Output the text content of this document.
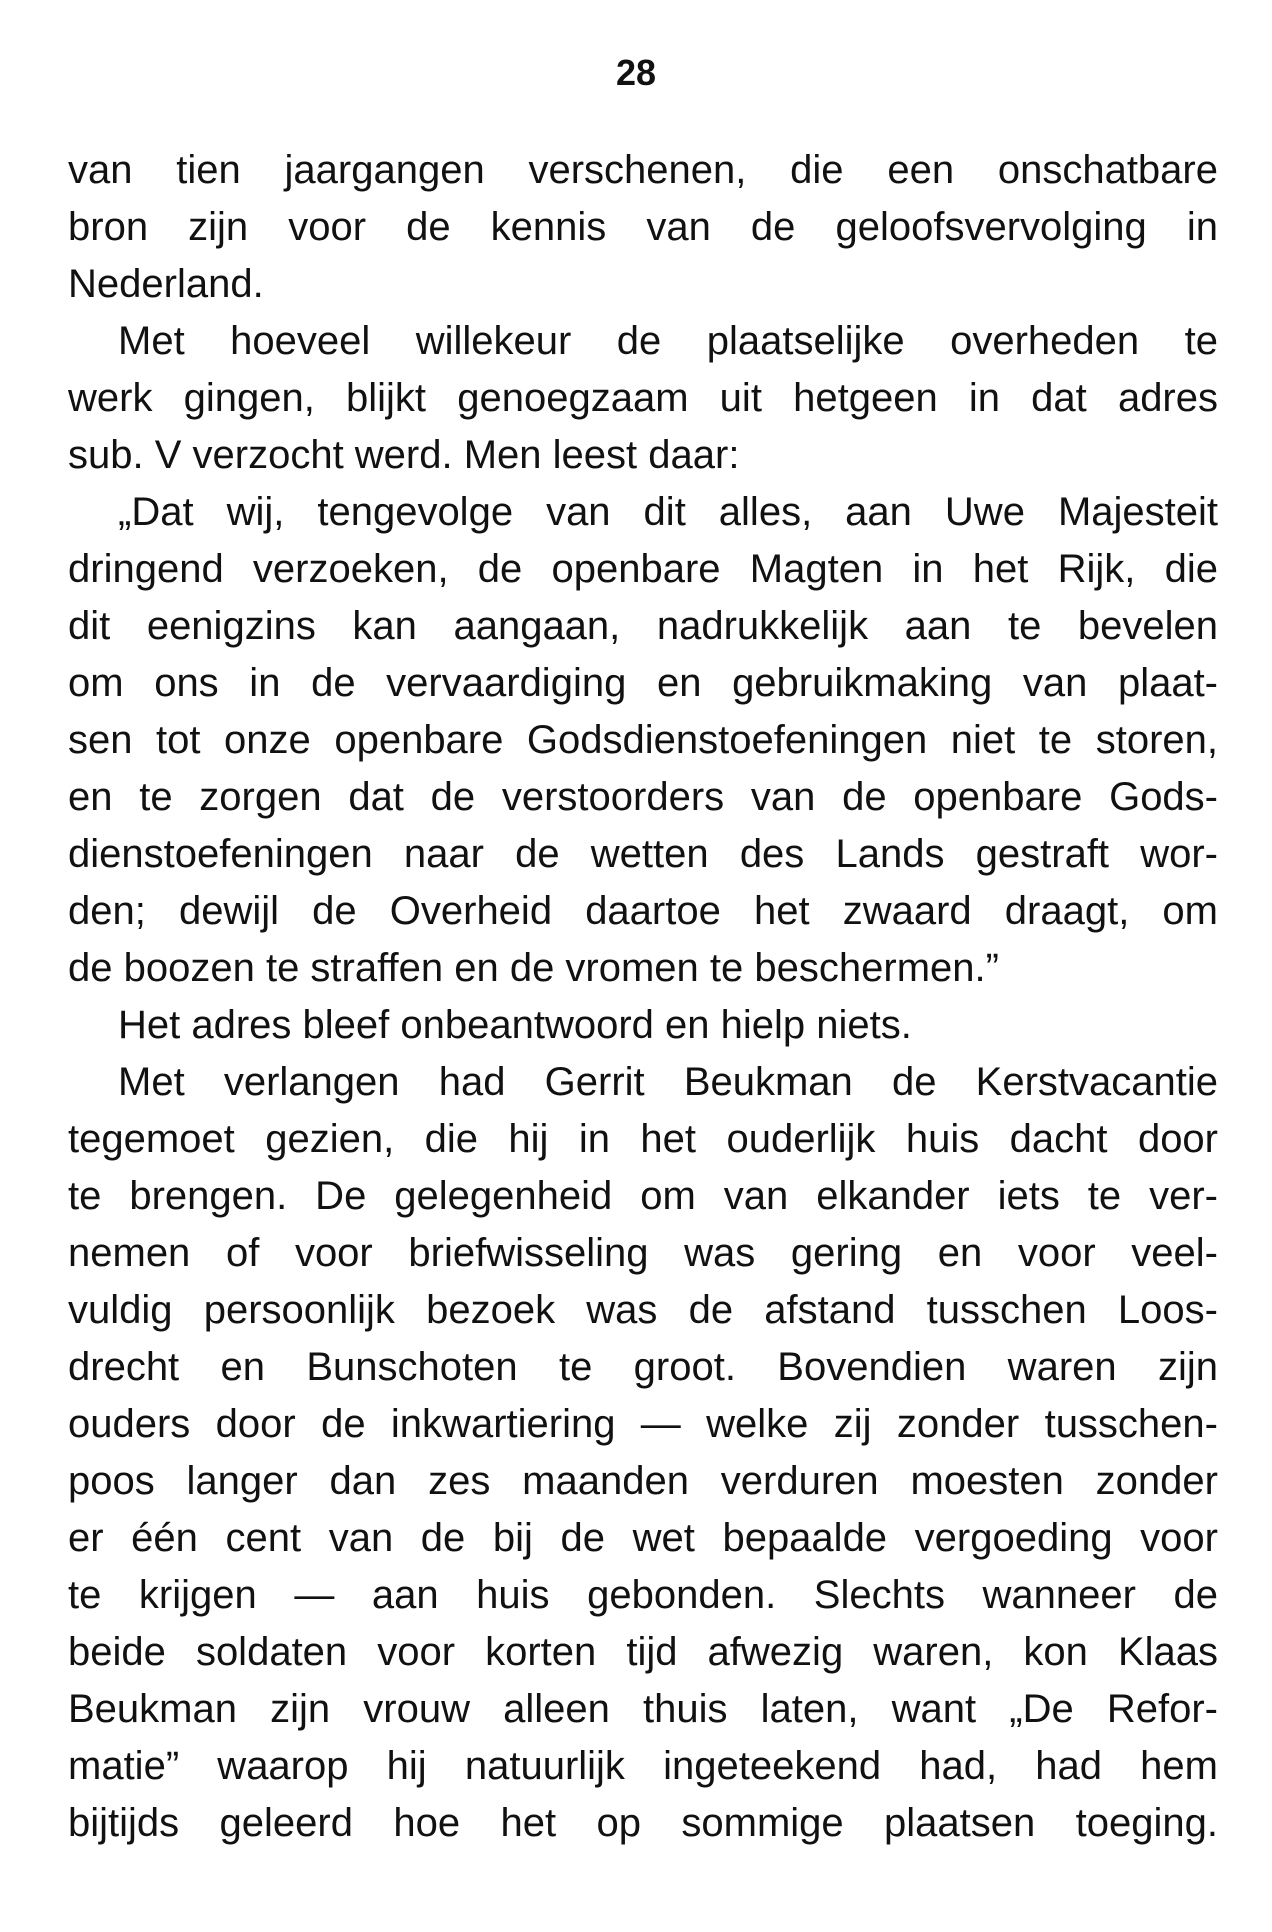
28
van tien jaargangen verschenen, die een onschatbare
bron zijn voor de kennis van de geloofsvervolging in
Nederland.
Met hoeveel willekeur de plaatselijke overheden te
werk gingen, blijkt genoegzaam uit hetgeen in dat adres
sub. V verzocht werd. Men leest daar:
„Dat wij, tengevolge van dit alles, aan Uwe Majesteit
dringend verzoeken, de openbare Magten in het Rijk, die
dit eenigzins kan aangaan, nadrukkelijk aan te bevelen
om ons in de vervaardiging en gebruikmaking van plaat-
sen tot onze openbare Godsdienstoefeningen niet te storen,
en te zorgen dat de verstoorders van de openbare Gods-
dienstoefeningen naar de wetten des Lands gestraft wor-
den; dewijl de Overheid daartoe het zwaard draagt, om
de boozen te straffen en de vromen te beschermen.”
Het adres bleef onbeantwoord en hielp niets.
Met verlangen had Gerrit Beukman de Kerstvacantie
tegemoet gezien, die hij in het ouderlijk huis dacht door
te brengen. De gelegenheid om van elkander iets te ver-
nemen of voor briefwisseling was gering en voor veel-
vuldig persoonlijk bezoek was de afstand tusschen Loos-
drecht en Bunschoten te groot. Bovendien waren zijn
ouders door de inkwartiering — welke zij zonder tusschen-
poos langer dan zes maanden verduren moesten zonder
er één cent van de bij de wet bepaalde vergoeding voor
te krijgen — aan huis gebonden. Slechts wanneer de
beide soldaten voor korten tijd afwezig waren, kon Klaas
Beukman zijn vrouw alleen thuis laten, want „De Refor-
matie” waarop hij natuurlijk ingeteekend had, had hem
bijtijds geleerd hoe het op sommige plaatsen toeging.
